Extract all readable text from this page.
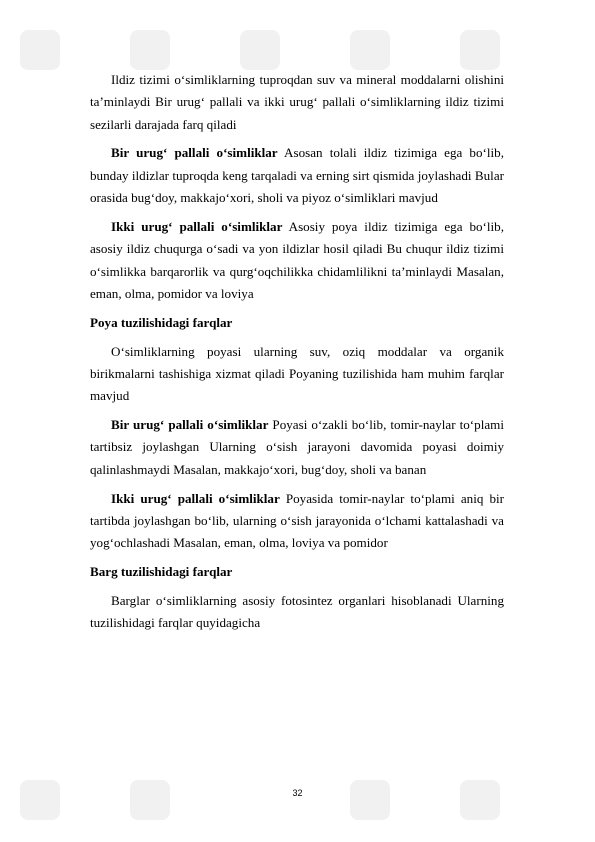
Ildiz tizimi o‘simliklarning tuproqdan suv va mineral moddalarni olishini ta’minlaydi Bir urug‘ pallali va ikki urug‘ pallali o‘simliklarning ildiz tizimi sezilarli darajada farq qiladi

Bir urug‘ pallali o‘simliklar Asosan tolali ildiz tizimiga ega bo‘lib, bunday ildizlar tuproqda keng tarqaladi va erning sirt qismida joylashadi Bular orasida bug‘doy, makkajo‘xori, sholi va piyoz o‘simliklari mavjud

Ikki urug‘ pallali o‘simliklar Asosiy poya ildiz tizimiga ega bo‘lib, asosiy ildiz chuqurga o‘sadi va yon ildizlar hosil qiladi Bu chuqur ildiz tizimi o‘simlikka barqarorlik va qurg‘oqchilikka chidamlilikni ta’minlaydi Masalan, eman, olma, pomidor va loviya

Poya tuzilishidagi farqlar

O‘simliklarning poyasi ularning suv, oziq moddalar va organik birikmalarni tashishiga xizmat qiladi Poyaning tuzilishida ham muhim farqlar mavjud

Bir urug‘ pallali o‘simliklar Poyasi o‘zakli bo‘lib, tomir-naylar to‘plami tartibsiz joylashgan Ularning o‘sish jarayoni davomida poyasi doimiy qalinlashmaydi Masalan, makkajo‘xori, bug‘doy, sholi va banan

Ikki urug‘ pallali o‘simliklar Poyasida tomir-naylar to‘plami aniq bir tartibda joylashgan bo‘lib, ularning o‘sish jarayonida o‘lchami kattalashadi va yog‘ochlashadi Masalan, eman, olma, loviya va pomidor

Barg tuzilishidagi farqlar

Barglar o‘simliklarning asosiy fotosintez organlari hisoblanadi Ularning tuzilishidagi farqlar quyidagicha

32
